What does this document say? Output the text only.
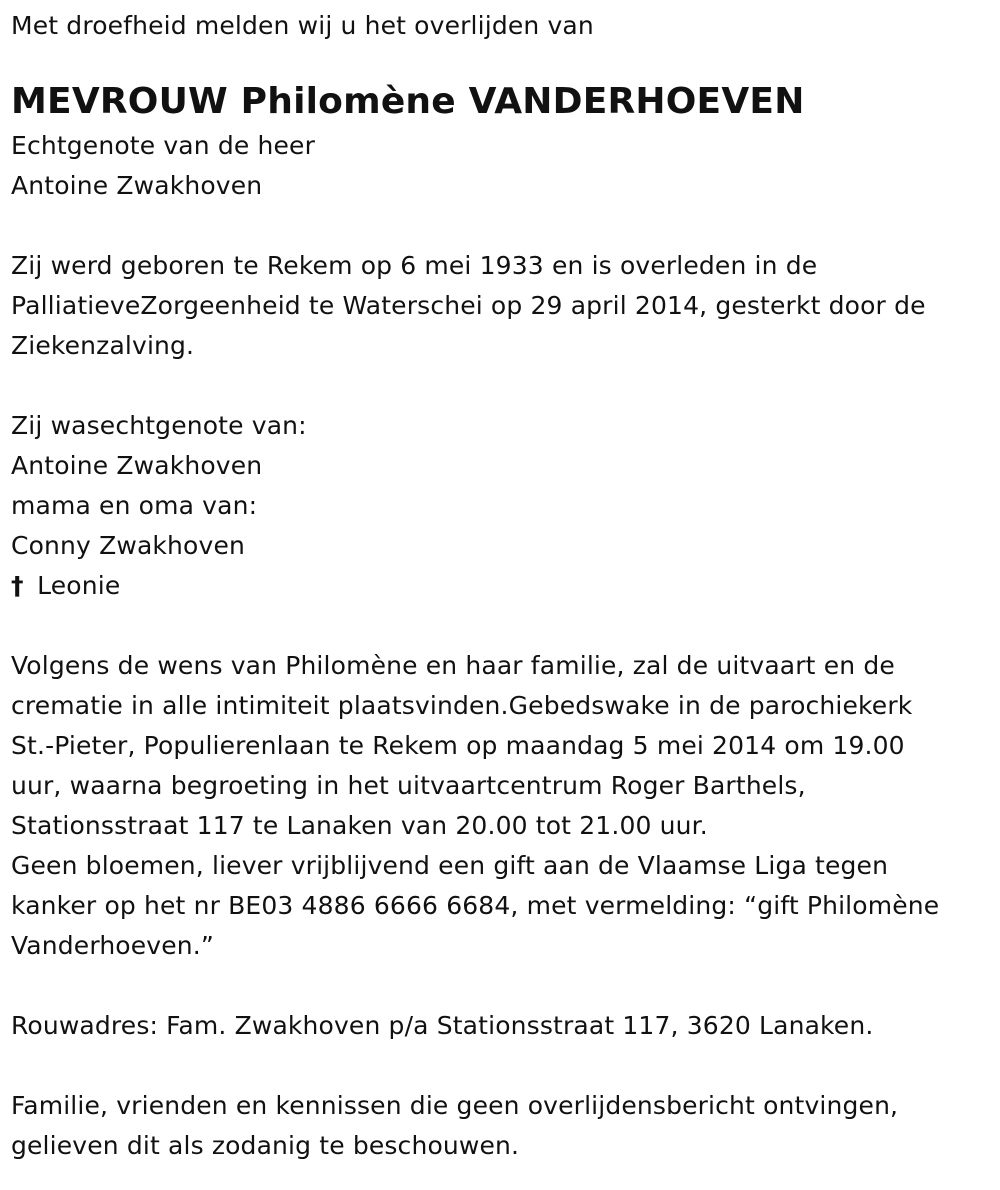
Met droefheid melden wij u het overlijden van
MEVROUW Philomène VANDERHOEVEN
Echtgenote van de heer
Antoine Zwakhoven
Zij werd geboren te Rekem op 6 mei 1933 en is overleden in de
PalliatieveZorgeenheid te Waterschei op 29 april 2014, gesterkt door de
Ziekenzalving.
Zij wasechtgenote van:
Antoine Zwakhoven
mama en oma van:
Conny Zwakhoven
† Leonie
Volgens de wens van Philomène en haar familie, zal de uitvaart en de
crematie in alle intimiteit plaatsvinden.Gebedswake in de parochiekerk
St.-Pieter, Populierenlaan te Rekem op maandag 5 mei 2014 om 19.00
uur, waarna begroeting in het uitvaartcentrum Roger Barthels,
Stationsstraat 117 te Lanaken van 20.00 tot 21.00 uur.
Geen bloemen, liever vrijblijvend een gift aan de Vlaamse Liga tegen
kanker op het nr BE03 4886 6666 6684, met vermelding: “gift Philomène
Vanderhoeven.”
Rouwadres: Fam. Zwakhoven p/a Stationsstraat 117, 3620 Lanaken.
Familie, vrienden en kennissen die geen overlijdensbericht ontvingen,
gelieven dit als zodanig te beschouwen.
